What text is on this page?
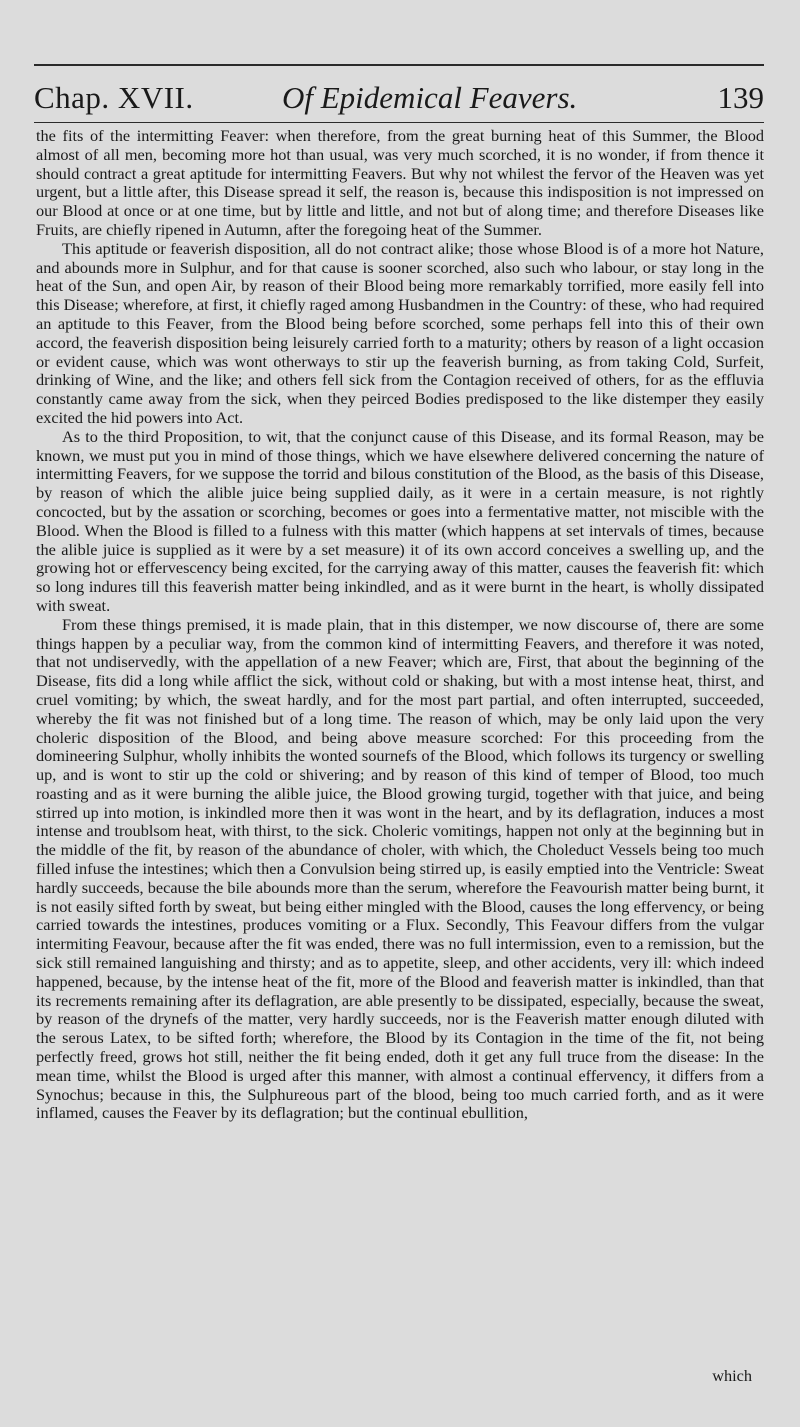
Chap. XVII.	Of Epidemical Feavers.	139

the fits of the intermitting Feaver: when therefore, from the great burning heat of this Summer, the Blood almost of all men, becoming more hot than usual, was very much scorched, it is no wonder, if from thence it should contract a great aptitude for intermitting Feavers. But why not whilest the fervor of the Heaven was yet urgent, but a little after, this Disease spread it self, the reason is, because this indisposition is not impressed on our Blood at once or at one time, but by little and little, and not but of along time; and therefore Diseases like Fruits, are chiefly ripened in Autumn, after the foregoing heat of the Summer.

This aptitude or feaverish disposition, all do not contract alike; those whose Blood is of a more hot Nature, and abounds more in Sulphur, and for that cause is sooner scorched, also such who labour, or stay long in the heat of the Sun, and open Air, by reason of their Blood being more remarkably torrified, more easily fell into this Disease; wherefore, at first, it chiefly raged among Husbandmen in the Country: of these, who had required an aptitude to this Feaver, from the Blood being before scorched, some perhaps fell into this of their own accord, the feaverish disposition being leisurely carried forth to a maturity; others by reason of a light occasion or evident cause, which was wont otherways to stir up the feaverish burning, as from taking Cold, Surfeit, drinking of Wine, and the like; and others fell sick from the Contagion received of others, for as the effluvia constantly came away from the sick, when they peirced Bodies predisposed to the like distemper they easily excited the hid powers into Act.

As to the third Proposition, to wit, that the conjunct cause of this Disease, and its formal Reason, may be known, we must put you in mind of those things, which we have elsewhere delivered concerning the nature of intermitting Feavers, for we suppose the torrid and bilous constitution of the Blood, as the basis of this Disease, by reason of which the alible juice being supplied daily, as it were in a certain measure, is not rightly concocted, but by the assation or scorching, becomes or goes into a fermentative matter, not miscible with the Blood. When the Blood is filled to a fulness with this matter (which happens at set intervals of times, because the alible juice is supplied as it were by a set measure) it of its own accord conceives a swelling up, and the growing hot or effervescency being excited, for the carrying away of this matter, causes the feaverish fit: which so long indures till this feaverish matter being inkindled, and as it were burnt in the heart, is wholly dissipated with sweat.

From these things premised, it is made plain, that in this distemper, we now discourse of, there are some things happen by a peculiar way, from the common kind of intermitting Feavers, and therefore it was noted, that not undiservedly, with the appellation of a new Feaver; which are, First, that about the beginning of the Disease, fits did a long while afflict the sick, without cold or shaking, but with a most intense heat, thirst, and cruel vomiting; by which, the sweat hardly, and for the most part partial, and often interrupted, succeeded, whereby the fit was not finished but of a long time. The reason of which, may be only laid upon the very choleric disposition of the Blood, and being above measure scorched: For this proceeding from the domineering Sulphur, wholly inhibits the wonted sournefs of the Blood, which follows its turgency or swelling up, and is wont to stir up the cold or shivering; and by reason of this kind of temper of Blood, too much roasting and as it were burning the alible juice, the Blood growing turgid, together with that juice, and being stirred up into motion, is inkindled more then it was wont in the heart, and by its deflagration, induces a most intense and troublsom heat, with thirst, to the sick. Choleric vomitings, happen not only at the beginning but in the middle of the fit, by reason of the abundance of choler, with which, the Choleduct Vessels being too much filled infuse the intestines; which then a Convulsion being stirred up, is easily emptied into the Ventricle: Sweat hardly succeeds, because the bile abounds more than the serum, wherefore the Feavourish matter being burnt, it is not easily sifted forth by sweat, but being either mingled with the Blood, causes the long effervency, or being carried towards the intestines, produces vomiting or a Flux. Secondly, This Feavour differs from the vulgar intermiting Feavour, because after the fit was ended, there was no full intermission, even to a remission, but the sick still remained languishing and thirsty; and as to appetite, sleep, and other accidents, very ill: which indeed happened, because, by the intense heat of the fit, more of the Blood and feaverish matter is inkindled, than that its recrements remaining after its deflagration, are able presently to be dissipated, especially, because the sweat, by reason of the drynefs of the matter, very hardly succeeds, nor is the Feaverish matter enough diluted with the serous Latex, to be sifted forth; wherefore, the Blood by its Contagion in the time of the fit, not being perfectly freed, grows hot still, neither the fit being ended, doth it get any full truce from the disease: In the mean time, whilst the Blood is urged after this manner, with almost a continual effervency, it differs from a Synochus; because in this, the Sulphureous part of the blood, being too much carried forth, and as it were inflamed, causes the Feaver by its deflagration; but the continual ebullition,

which
